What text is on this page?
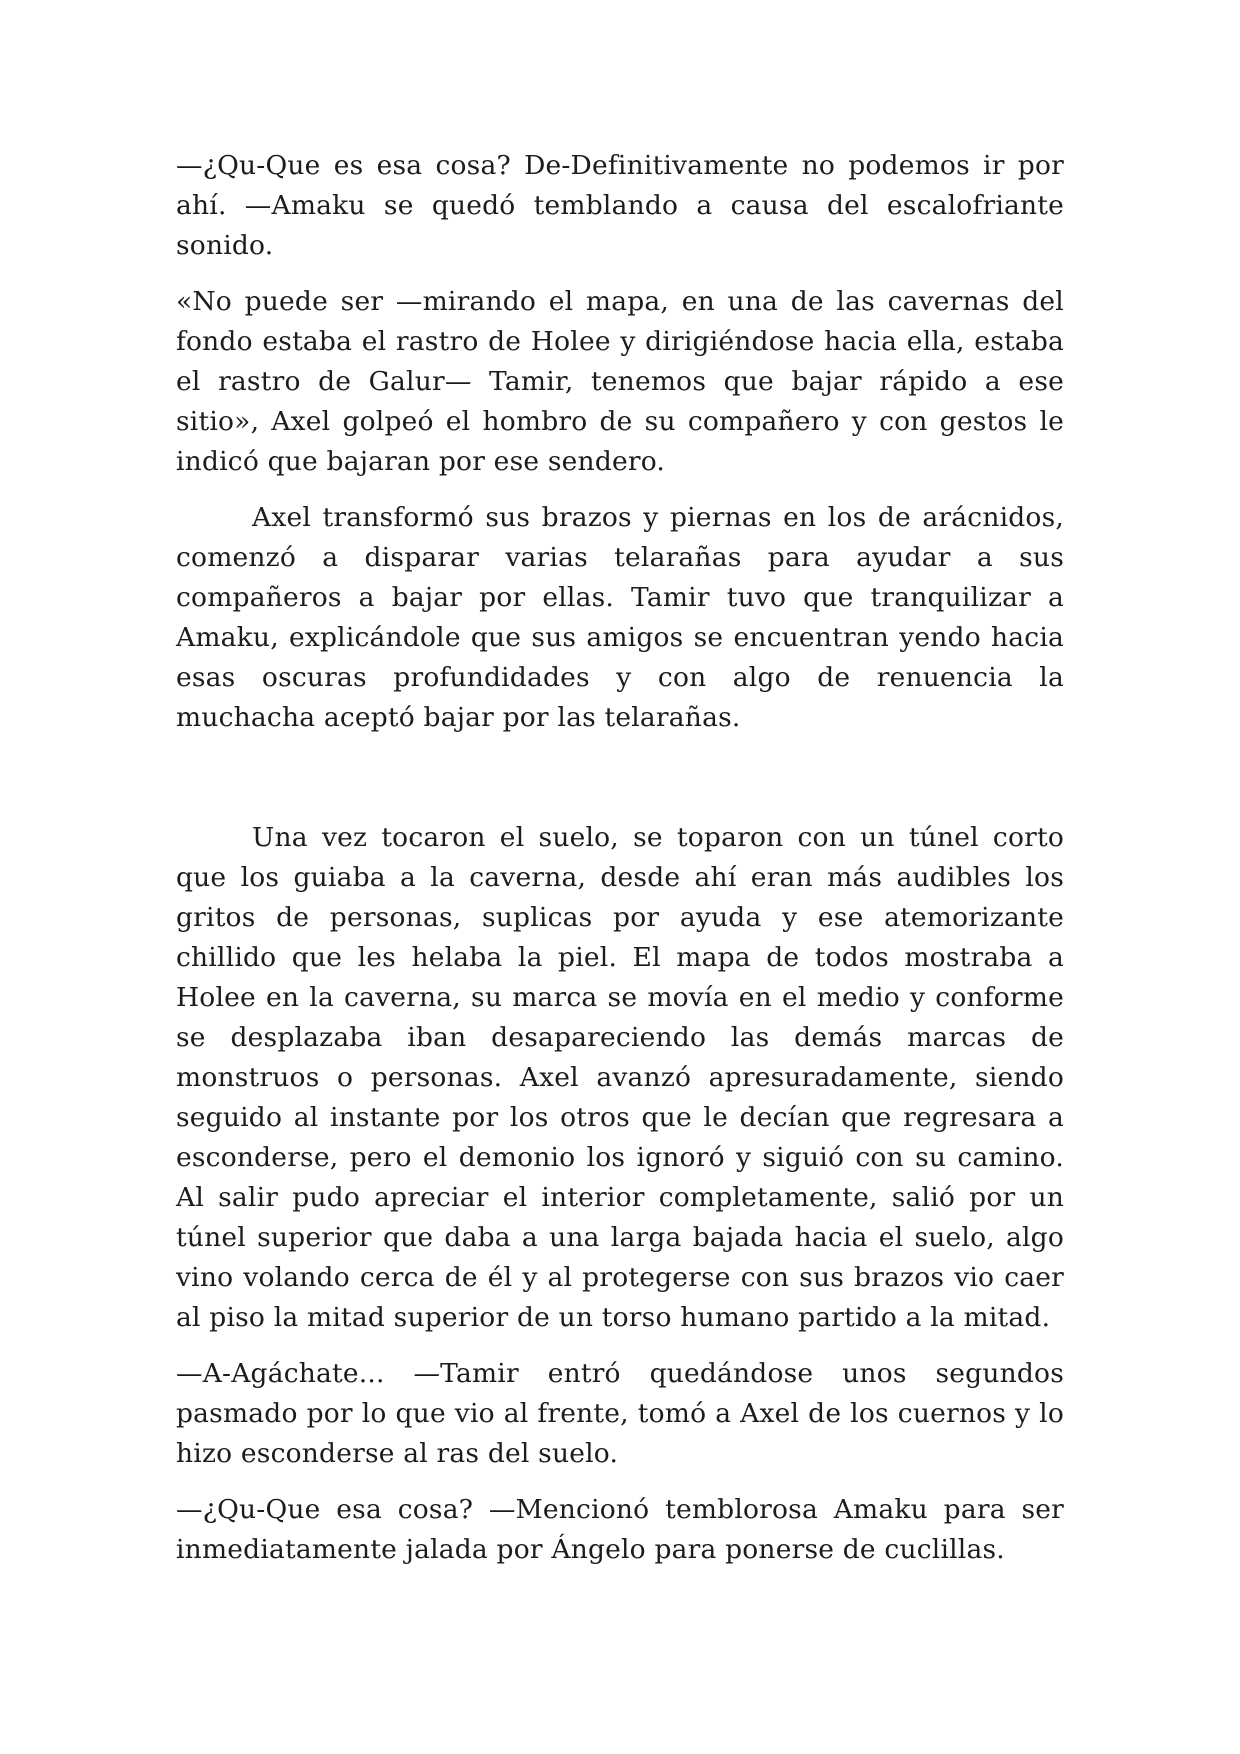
—¿Qu-Que es esa cosa? De-Definitivamente no podemos ir por ahí. —Amaku se quedó temblando a causa del escalofriante sonido.

«No puede ser —mirando el mapa, en una de las cavernas del fondo estaba el rastro de Holee y dirigiéndose hacia ella, estaba el rastro de Galur— Tamir, tenemos que bajar rápido a ese sitio», Axel golpeó el hombro de su compañero y con gestos le indicó que bajaran por ese sendero.

Axel transformó sus brazos y piernas en los de arácnidos, comenzó a disparar varias telarañas para ayudar a sus compañeros a bajar por ellas. Tamir tuvo que tranquilizar a Amaku, explicándole que sus amigos se encuentran yendo hacia esas oscuras profundidades y con algo de renuencia la muchacha aceptó bajar por las telarañas.

Una vez tocaron el suelo, se toparon con un túnel corto que los guiaba a la caverna, desde ahí eran más audibles los gritos de personas, suplicas por ayuda y ese atemorizante chillido que les helaba la piel. El mapa de todos mostraba a Holee en la caverna, su marca se movía en el medio y conforme se desplazaba iban desapareciendo las demás marcas de monstruos o personas. Axel avanzó apresuradamente, siendo seguido al instante por los otros que le decían que regresara a esconderse, pero el demonio los ignoró y siguió con su camino. Al salir pudo apreciar el interior completamente, salió por un túnel superior que daba a una larga bajada hacia el suelo, algo vino volando cerca de él y al protegerse con sus brazos vio caer al piso la mitad superior de un torso humano partido a la mitad.

—A-Agáchate... —Tamir entró quedándose unos segundos pasmado por lo que vio al frente, tomó a Axel de los cuernos y lo hizo esconderse al ras del suelo.

—¿Qu-Que esa cosa? —Mencionó temblorosa Amaku para ser inmediatamente jalada por Ángelo para ponerse de cuclillas.
